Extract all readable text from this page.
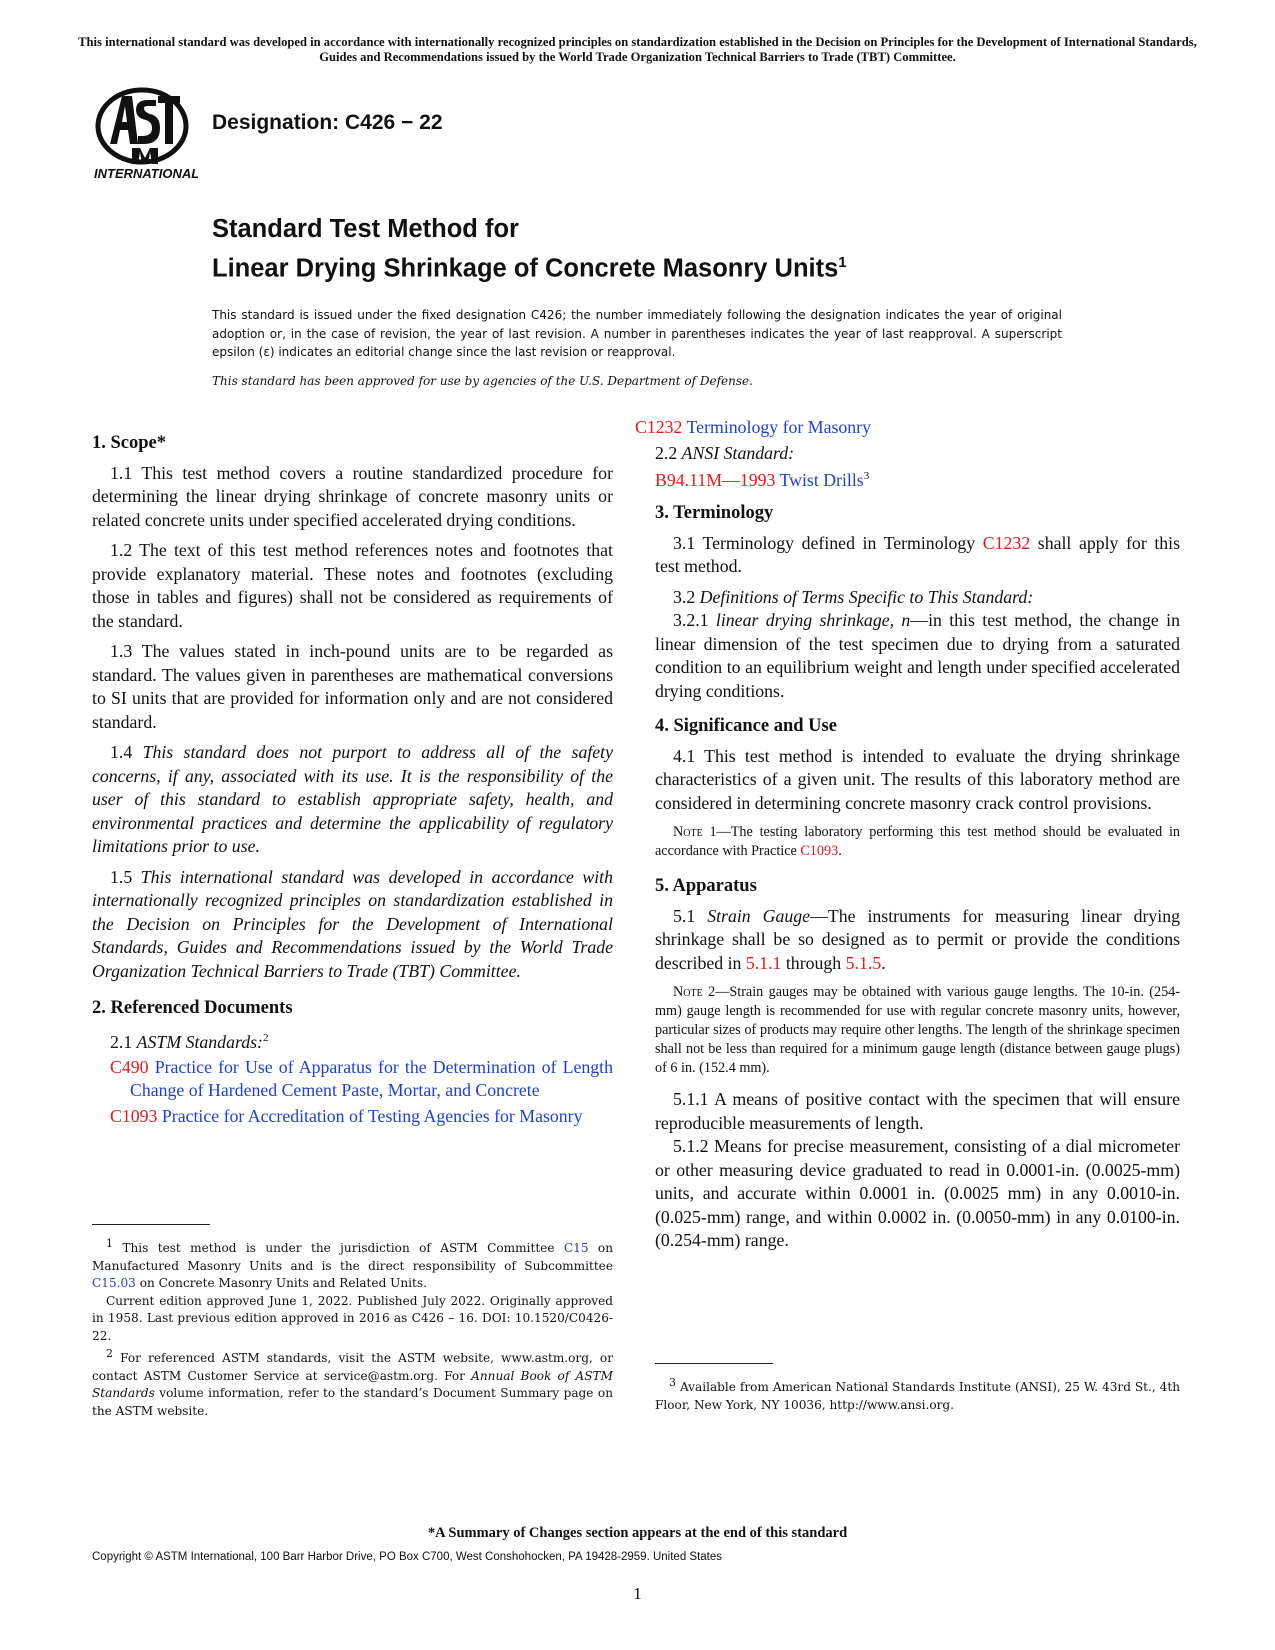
This international standard was developed in accordance with internationally recognized principles on standardization established in the Decision on Principles for the Development of International Standards, Guides and Recommendations issued by the World Trade Organization Technical Barriers to Trade (TBT) Committee.
INTERNATIONAL
Designation: C426 − 22
Standard Test Method for
Linear Drying Shrinkage of Concrete Masonry Units$^1$
This standard is issued under the fixed designation C426; the number immediately following the designation indicates the year of original adoption or, in the case of revision, the year of last revision. A number in parentheses indicates the year of last reapproval. A superscript epsilon (ε) indicates an editorial change since the last revision or reapproval.
This standard has been approved for use by agencies of the U.S. Department of Defense.
1. Scope*
1.1 This test method covers a routine standardized procedure for determining the linear drying shrinkage of concrete masonry units or related concrete units under specified accelerated drying conditions.
1.2 The text of this test method references notes and footnotes that provide explanatory material. These notes and footnotes (excluding those in tables and figures) shall not be considered as requirements of the standard.
1.3 The values stated in inch-pound units are to be regarded as standard. The values given in parentheses are mathematical conversions to SI units that are provided for information only and are not considered standard.
1.4 This standard does not purport to address all of the safety concerns, if any, associated with its use. It is the responsibility of the user of this standard to establish appropriate safety, health, and environmental practices and determine the applicability of regulatory limitations prior to use.
1.5 This international standard was developed in accordance with internationally recognized principles on standardization established in the Decision on Principles for the Development of International Standards, Guides and Recommendations issued by the World Trade Organization Technical Barriers to Trade (TBT) Committee.
2. Referenced Documents
2.1 ASTM Standards:$^2$
C490 Practice for Use of Apparatus for the Determination of Length Change of Hardened Cement Paste, Mortar, and Concrete
C1093 Practice for Accreditation of Testing Agencies for Masonry

$^1$ This test method is under the jurisdiction of ASTM Committee C15 on Manufactured Masonry Units and is the direct responsibility of Subcommittee C15.03 on Concrete Masonry Units and Related Units.

Current edition approved June 1, 2022. Published July 2022. Originally approved in 1958. Last previous edition approved in 2016 as C426 – 16. DOI: 10.1520/C0426-22.

$^2$ For referenced ASTM standards, visit the ASTM website, www.astm.org, or contact ASTM Customer Service at service@astm.org. For Annual Book of ASTM Standards volume information, refer to the standard’s Document Summary page on the ASTM website.

C1232 Terminology for Masonry
2.2 ANSI Standard:
B94.11M—1993 Twist Drills$^3$
3. Terminology
3.1 Terminology defined in Terminology C1232 shall apply for this test method.
3.2 Definitions of Terms Specific to This Standard:
3.2.1 linear drying shrinkage, n—in this test method, the change in linear dimension of the test specimen due to drying from a saturated condition to an equilibrium weight and length under specified accelerated drying conditions.
4. Significance and Use
4.1 This test method is intended to evaluate the drying shrinkage characteristics of a given unit. The results of this laboratory method are considered in determining concrete masonry crack control provisions.
Note 1—The testing laboratory performing this test method should be evaluated in accordance with Practice C1093.
5. Apparatus
5.1 Strain Gauge—The instruments for measuring linear drying shrinkage shall be so designed as to permit or provide the conditions described in 5.1.1 through 5.1.5.
Note 2—Strain gauges may be obtained with various gauge lengths. The 10-in. (254-mm) gauge length is recommended for use with regular concrete masonry units, however, particular sizes of products may require other lengths. The length of the shrinkage specimen shall not be less than required for a minimum gauge length (distance between gauge plugs) of 6 in. (152.4 mm).
5.1.1 A means of positive contact with the specimen that will ensure reproducible measurements of length.
5.1.2 Means for precise measurement, consisting of a dial micrometer or other measuring device graduated to read in 0.0001-in. (0.0025-mm) units, and accurate within 0.0001 in. (0.0025 mm) in any 0.0010-in. (0.025-mm) range, and within 0.0002 in. (0.0050-mm) in any 0.0100-in. (0.254-mm) range.

$^3$ Available from American National Standards Institute (ANSI), 25 W. 43rd St., 4th Floor, New York, NY 10036, http://www.ansi.org.

*A Summary of Changes section appears at the end of this standard
Copyright © ASTM International, 100 Barr Harbor Drive, PO Box C700, West Conshohocken, PA 19428-2959. United States
1
